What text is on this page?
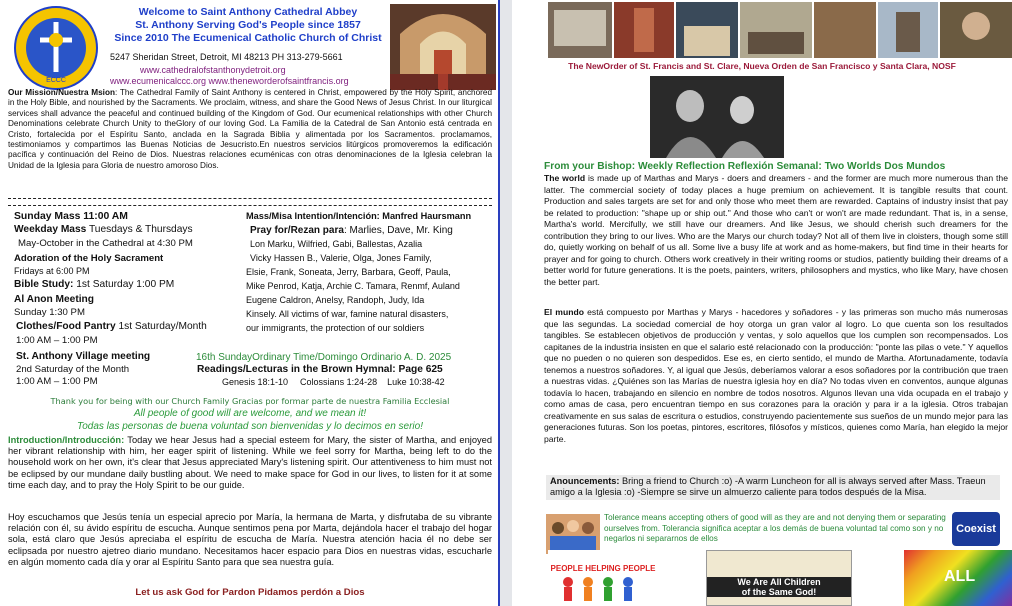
ECCC
Welcome to Saint Anthony Cathedral Abbey
St. Anthony Serving God's People since 1857
Since 2010 The Ecumenical Catholic Church of Christ
5247 Sheridan Street, Detroit, MI 48213 PH 313-279-5661
www.cathedralofstanthonydetroit.org
www.ecumenicalccc.org www.theneworderofsaintfrancis.org
Our Mission/Nuestra Msion: The Cathedral Family of Saint Anthony is centered in Christ, empowered by the Holy Spirit, anchored in the Holy Bible, and nourished by the Sacraments. We proclaim, witness, and share the Good News of Jesus Christ. In our liturgical services shall advance the peaceful and continued building of the Kingdom of God. Our ecumenical relationships with other Church Denominations celebrate Church Unity to theGlory of our loving God. La Familia de la Catedral de San Antonio está centrada en Cristo, fortalecida por el Espíritu Santo, anclada en la Sagrada Biblia y alimentada por los Sacramentos. proclamamos, testimoniamos y compartimos las Buenas Noticias de Jesucristo.En nuestros servicios litúrgicos promoveremos la edificación pacífica y continuación del Reino de Dios. Nuestras relaciones ecuménicas con otras denominaciones de la Iglesia celebran la Unidad de la Iglesia para Gloria de nuestro amoroso Dios.
Sunday Mass 11:00 AM
Weekday Mass Tuesdays & Thursdays
May-October in the Cathedral at 4:30 PM
Adoration of the Holy Sacrament
Fridays at 6:00 PM
Bible Study: 1st Saturday 1:00 PM
Al Anon Meeting
Sunday 1:30 PM
Clothes/Food Pantry 1st Saturday/Month
1:00 AM – 1:00 PM
St. Anthony Village meeting
2nd Saturday of the Month
1:00 AM – 1:00 PM
Mass/Misa Intention/Intención: Manfred Haursmann
Pray for/Rezan para: Marlies, Dave, Mr. King
Lon Marku, Wilfried, Gabi, Ballestas, Azalia
Vicky Hassen B., Valerie, Olga, Jones Family,
Elsie, Frank, Soneata, Jerry, Barbara, Geoff, Paula,
Mike Penrod, Katja, Archie C. Tamara, Renmf, Auland
Eugene Caldron, Anelsy, Randoph, Judy, Ida
Kinsely. All victims of war, famine natural disasters,
our immigrants, the protection of our soldiers
16th SundayOrdinary Time/Domingo Ordinario A. D. 2025
Readings/Lecturas in the Brown Hymnal: Page 625
Genesis 18:1-10 Colossians 1:24-28 Luke 10:38-42
Thank you for being with our Church Family Gracias por formar parte de nuestra Familia Ecclesial
All people of good will are welcome, and we mean it!
Todas las personas de buena voluntad son bienvenidas y lo decimos en serio!
Introduction/Introducción: Today we hear Jesus had a special esteem for Mary, the sister of Martha, and enjoyed her vibrant relationship with him, her eager spirit of listening. While we feel sorry for Martha, being left to do the household work on her own, it's clear that Jesus appreciated Mary's listening spirit. Our attentiveness to him must not be eclipsed by our mundane daily bustling about. We need to make space for God in our lives, to listen for it at some time each day, and to pray the Holy Spirit to be our guide.
Hoy escuchamos que Jesús tenía un especial aprecio por María, la hermana de Marta, y disfrutaba de su vibrante relación con él, su ávido espíritu de escucha. Aunque sentimos pena por Marta, dejándola hacer el trabajo del hogar sola, está claro que Jesús apreciaba el espíritu de escucha de María. Nuestra atención hacia él no debe ser eclipsada por nuestro ajetreo diario mundano. Necesitamos hacer espacio para Dios en nuestras vidas, escucharle en algún momento cada día y orar al Espíritu Santo para que sea nuestra guía.
Let us ask God for Pardon Pidamos perdón a Dios
The NewOrder of St. Francis and St. Clare, Nueva Orden de San Francisco y Santa Clara, NOSF
From your Bishop: Weekly Reflection Reflexión Semanal: Two Worlds Dos Mundos
The world is made up of Marthas and Marys - doers and dreamers - and the former are much more numerous than the latter. The commercial society of today places a huge premium on achievement. It is tangible results that count. Production and sales targets are set for and only those who meet them are rewarded. Captains of industry insist that pay be related to production: "shape up or ship out." And those who can't or won't are made redundant. That is, in a sense, Martha's world. Mercifully, we still have our dreamers. And like Jesus, we should cherish such dreamers for the contribution they bring to our lives. Who are the Marys our church today? Not all of them live in cloisters, though some still do, quietly working on behalf of us all. Some live a busy life at work and as home-makers, but find time in their hearts for prayer and for going to church. Others work creatively in their writing rooms or studios, patiently building their dreams of a better world for future generations. It is the poets, painters, writers, philosophers and mystics, who like Mary, have chosen the better part.
El mundo está compuesto por Marthas y Marys - hacedores y soñadores - y las primeras son mucho más numerosas que las segundas. La sociedad comercial de hoy otorga un gran valor al logro. Lo que cuenta son los resultados tangibles. Se establecen objetivos de producción y ventas, y solo aquellos que los cumplen son recompensados. Los capitanes de la industria insisten en que el salario esté relacionado con la producción: "ponte las pilas o vete." Y aquellos que no pueden o no quieren son despedidos. Ese es, en cierto sentido, el mundo de Martha. Afortunadamente, todavía tenemos a nuestros soñadores. Y, al igual que Jesús, deberíamos valorar a esos soñadores por la contribución que traen a nuestras vidas. ¿Quiénes son las Marías de nuestra iglesia hoy en día? No todas viven en conventos, aunque algunas todavía lo hacen, trabajando en silencio en nombre de todos nosotros. Algunos llevan una vida ocupada en el trabajo y como amas de casa, pero encuentran tiempo en sus corazones para la oración y para ir a la iglesia. Otros trabajan creativamente en sus salas de escritura o estudios, construyendo pacientemente sus sueños de un mundo mejor para las generaciones futuras. Son los poetas, pintores, escritores, filósofos y místicos, quienes como María, han elegido la mejor parte.
Anouncements: Bring a friend to Church :o) -A warm Luncheon for all is always served after Mass. Traeun amigo a la Iglesia :o) -Siempre se sirve un almuerzo caliente para todos después de la Misa.
Tolerance means accepting others of good will as they are and not denying them or separating ourselves from. Tolerancia significa aceptar a los demás de buena voluntad tal como son y no negarlos ni separarnos de ellos
Coexist
PEOPLE HELPING PEOPLE
We Are All Children
of the Same God!
ALL
